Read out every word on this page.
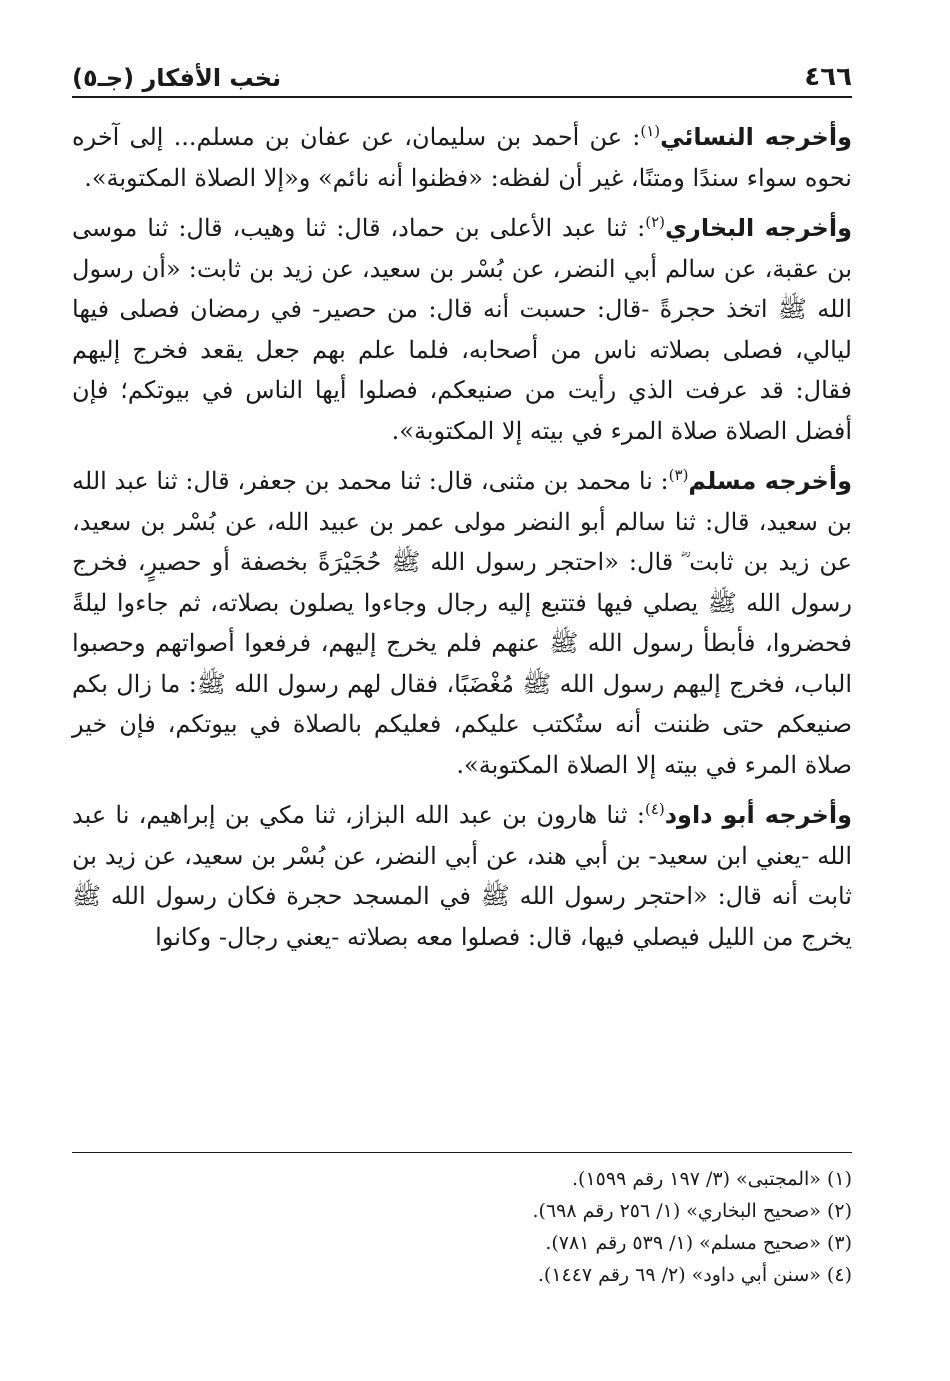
٤٦٦
نخب الأفكار (جـ٥)

وأخرجه النسائي$^{(١)}$: عن أحمد بن سليمان، عن عفان بن مسلم... إلى آخره نحوه سواء سندًا ومتنًا، غير أن لفظه: «فظنوا أنه نائم» و«إلا الصلاة المكتوبة».

وأخرجه البخاري$^{(٢)}$: ثنا عبد الأعلى بن حماد، قال: ثنا وهيب، قال: ثنا موسى بن عقبة، عن سالم أبي النضر، عن بُسْر بن سعيد، عن زيد بن ثابت: «أن رسول الله ﷺ اتخذ حجرةً -قال: حسبت أنه قال: من حصير- في رمضان فصلى فيها ليالي، فصلى بصلاته ناس من أصحابه، فلما علم بهم جعل يقعد فخرج إليهم فقال: قد عرفت الذي رأيت من صنيعكم، فصلوا أيها الناس في بيوتكم؛ فإن أفضل الصلاة صلاة المرء في بيته إلا المكتوبة».

وأخرجه مسلم$^{(٣)}$: نا محمد بن مثنى، قال: ثنا محمد بن جعفر، قال: ثنا عبد الله بن سعيد، قال: ثنا سالم أبو النضر مولى عمر بن عبيد الله، عن بُسْر بن سعيد، عن زيد بن ثابت ؓ قال: «احتجر رسول الله ﷺ حُجَيْرَةً بخصفة أو حصيرٍ، فخرج رسول الله ﷺ يصلي فيها فتتبع إليه رجال وجاءوا يصلون بصلاته، ثم جاءوا ليلةً فحضروا، فأبطأ رسول الله ﷺ عنهم فلم يخرج إليهم، فرفعوا أصواتهم وحصبوا الباب، فخرج إليهم رسول الله ﷺ مُغْضَبًا، فقال لهم رسول الله ﷺ: ما زال بكم صنيعكم حتى ظننت أنه ستُكتب عليكم، فعليكم بالصلاة في بيوتكم، فإن خير صلاة المرء في بيته إلا الصلاة المكتوبة».

وأخرجه أبو داود$^{(٤)}$: ثنا هارون بن عبد الله البزاز، ثنا مكي بن إبراهيم، نا عبد الله -يعني ابن سعيد- بن أبي هند، عن أبي النضر، عن بُسْر بن سعيد، عن زيد بن ثابت أنه قال: «احتجر رسول الله ﷺ في المسجد حجرة فكان رسول الله ﷺ يخرج من الليل فيصلي فيها، قال: فصلوا معه بصلاته -يعني رجال- وكانوا

(١) «المجتبى» (٣/ ١٩٧ رقم ١٥٩٩).

(٢) «صحيح البخاري» (١/ ٢٥٦ رقم ٦٩٨).

(٣) «صحيح مسلم» (١/ ٥٣٩ رقم ٧٨١).

(٤) «سنن أبي داود» (٢/ ٦٩ رقم ١٤٤٧).
